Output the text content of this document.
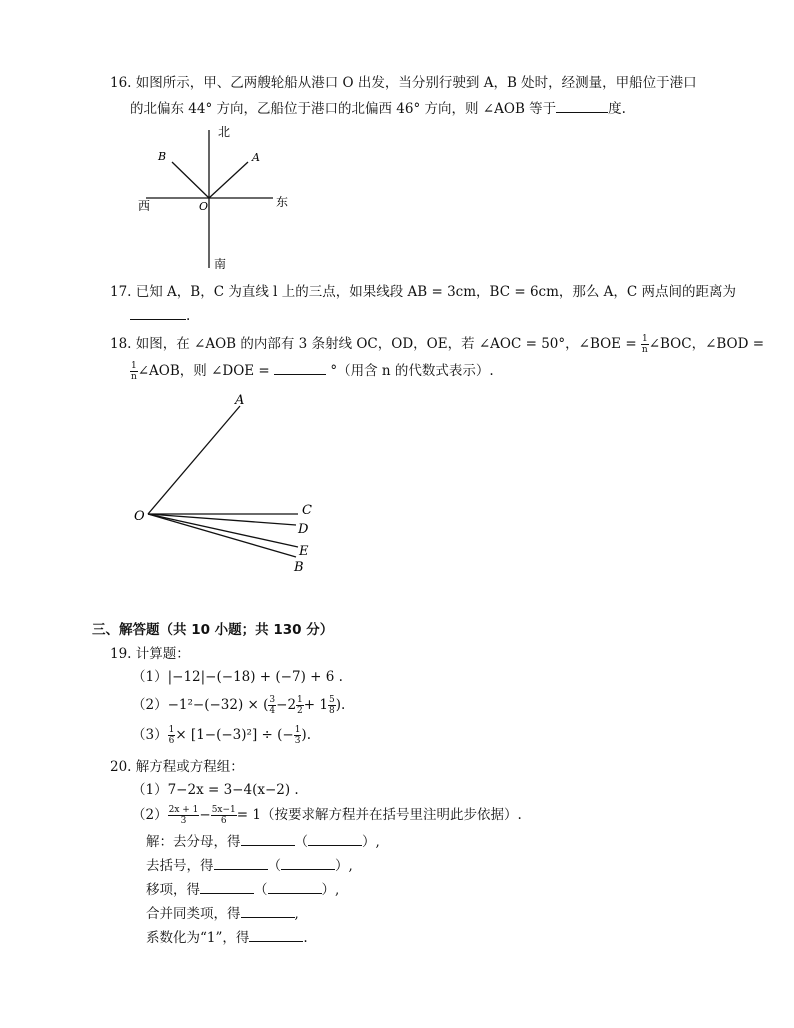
16. 如图所示，甲、乙两艘轮船从港口 O 出发，当分别行驶到 A，B 处时，经测量，甲船位于港口
的北偏东 44° 方向，乙船位于港口的北偏西 46° 方向，则 ∠AOB 等于	度.
北
南
东
西	O
A
B
17. 已知 A，B，C 为直线 l 上的三点，如果线段 AB = 3cm，BC = 6cm，那么 A，C 两点间的距离为
.
18. 如图，在 ∠AOB 的内部有 3 条射线 OC，OD，OE，若 ∠AOC = 50°，∠BOE = $\frac{1}{n}$ ∠BOC，∠BOD =
$\frac{1}{n}$ ∠AOB，则 ∠DOE =	°（用含 n 的代数式表示）.
O
A
C
D
E
B
三、解答题（共 10 小题；共 130 分）
19. 计算题：
（1）|−12|−(−18) + (−7) + 6 .
（2）−1²−(−32) × ( $\frac{3}{4} -2 \frac{1}{2} + 1 \frac{5}{8}$ ).
$(3) \frac{1}{6} \times [1-(-3)^2]$ ÷ (− $\frac{1}{3}$ ).
20. 解方程或方程组：
（1）7−2x = 3−4(x−2) .
$(2) \frac{2x + 1}{3} - \frac{5x-1}{6} = 1$（按要求解方程并在括号里注明此步依据）.
解：去分母，得	（	）,
去括号，得	（	）,
移项，得	（	）,
合并同类项，得	,
系数化为“1”，得	.
